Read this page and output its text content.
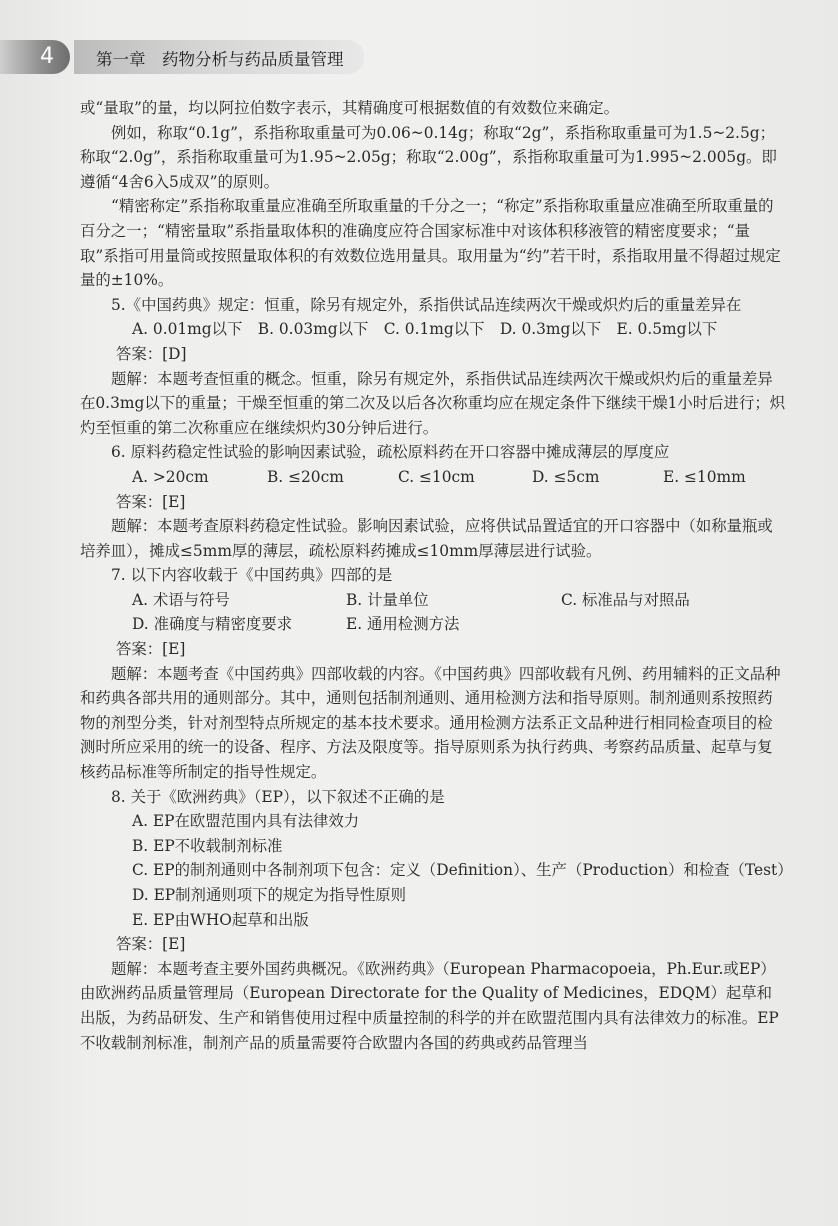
4	第一章　药物分析与药品质量管理

或“量取”的量，均以阿拉伯数字表示，其精确度可根据数值的有效数位来确定。

例如，称取“0.1g”，系指称取重量可为0.06~0.14g；称取“2g”，系指称取重量可为1.5~2.5g；称取“2.0g”，系指称取重量可为1.95~2.05g；称取“2.00g”，系指称取重量可为1.995~2.005g。即遵循“4舍6入5成双”的原则。

“精密称定”系指称取重量应准确至所取重量的千分之一；“称定”系指称取重量应准确至所取重量的百分之一；“精密量取”系指量取体积的准确度应符合国家标准中对该体积移液管的精密度要求；“量取”系指可用量筒或按照量取体积的有效数位选用量具。取用量为“约”若干时，系指取用量不得超过规定量的±10%。

5.《中国药典》规定：恒重，除另有规定外，系指供试品连续两次干燥或炽灼后的重量差异在

A. 0.01mg以下　B. 0.03mg以下　C. 0.1mg以下　D. 0.3mg以下　E. 0.5mg以下

答案：[D]

题解：本题考查恒重的概念。恒重，除另有规定外，系指供试品连续两次干燥或炽灼后的重量差异在0.3mg以下的重量；干燥至恒重的第二次及以后各次称重均应在规定条件下继续干燥1小时后进行；炽灼至恒重的第二次称重应在继续炽灼30分钟后进行。

6. 原料药稳定性试验的影响因素试验，疏松原料药在开口容器中摊成薄层的厚度应

A. >20cm	B. ≤20cm	C. ≤10cm	D. ≤5cm	E. ≤10mm

答案：[E]

题解：本题考查原料药稳定性试验。影响因素试验，应将供试品置适宜的开口容器中（如称量瓶或培养皿），摊成≤5mm厚的薄层，疏松原料药摊成≤10mm厚薄层进行试验。

7. 以下内容收载于《中国药典》四部的是

A. 术语与符号	B. 计量单位	C. 标准品与对照品
D. 准确度与精密度要求	E. 通用检测方法

答案：[E]

题解：本题考查《中国药典》四部收载的内容。《中国药典》四部收载有凡例、药用辅料的正文品种和药典各部共用的通则部分。其中，通则包括制剂通则、通用检测方法和指导原则。制剂通则系按照药物的剂型分类，针对剂型特点所规定的基本技术要求。通用检测方法系正文品种进行相同检查项目的检测时所应采用的统一的设备、程序、方法及限度等。指导原则系为执行药典、考察药品质量、起草与复核药品标准等所制定的指导性规定。

8. 关于《欧洲药典》（EP），以下叙述不正确的是

A. EP在欧盟范围内具有法律效力

B. EP不收载制剂标准

C. EP的制剂通则中各制剂项下包含：定义（Definition）、生产（Production）和检查（Test）

D. EP制剂通则项下的规定为指导性原则

E. EP由WHO起草和出版

答案：[E]

题解：本题考查主要外国药典概况。《欧洲药典》（European Pharmacopoeia，Ph.Eur.或EP）由欧洲药品质量管理局（European Directorate for the Quality of Medicines，EDQM）起草和出版，为药品研发、生产和销售使用过程中质量控制的科学的并在欧盟范围内具有法律效力的标准。EP不收载制剂标准，制剂产品的质量需要符合欧盟内各国的药典或药品管理当
